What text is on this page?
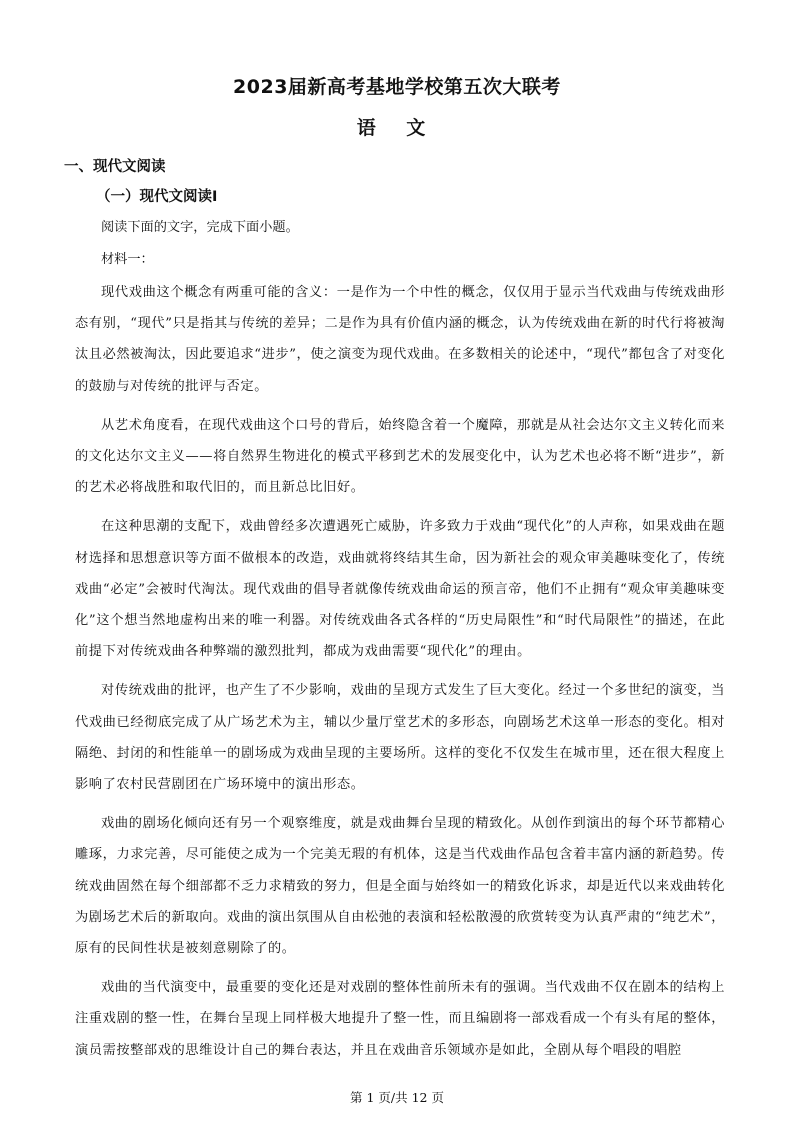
2023届新高考基地学校第五次大联考
语 文
一、现代文阅读
（一）现代文阅读Ⅰ

阅读下面的文字，完成下面小题。

材料一：

现代戏曲这个概念有两重可能的含义：一是作为一个中性的概念，仅仅用于显示当代戏曲与传统戏曲形态有别，“现代”只是指其与传统的差异；二是作为具有价值内涵的概念，认为传统戏曲在新的时代行将被淘汰且必然被淘汰，因此要追求“进步”，使之演变为现代戏曲。在多数相关的论述中，“现代”都包含了对变化的鼓励与对传统的批评与否定。

从艺术角度看，在现代戏曲这个口号的背后，始终隐含着一个魔障，那就是从社会达尔文主义转化而来的文化达尔文主义——将自然界生物进化的模式平移到艺术的发展变化中，认为艺术也必将不断“进步”，新的艺术必将战胜和取代旧的，而且新总比旧好。

在这种思潮的支配下，戏曲曾经多次遭遇死亡威胁，许多致力于戏曲“现代化”的人声称，如果戏曲在题材选择和思想意识等方面不做根本的改造，戏曲就将终结其生命，因为新社会的观众审美趣味变化了，传统戏曲“必定”会被时代淘汰。现代戏曲的倡导者就像传统戏曲命运的预言帝，他们不止拥有“观众审美趣味变化”这个想当然地虚构出来的唯一利器。对传统戏曲各式各样的“历史局限性”和“时代局限性”的描述，在此前提下对传统戏曲各种弊端的激烈批判，都成为戏曲需要“现代化”的理由。

对传统戏曲的批评，也产生了不少影响，戏曲的呈现方式发生了巨大变化。经过一个多世纪的演变，当代戏曲已经彻底完成了从广场艺术为主，辅以少量厅堂艺术的多形态，向剧场艺术这单一形态的变化。相对隔绝、封闭的和性能单一的剧场成为戏曲呈现的主要场所。这样的变化不仅发生在城市里，还在很大程度上影响了农村民营剧团在广场环境中的演出形态。

戏曲的剧场化倾向还有另一个观察维度，就是戏曲舞台呈现的精致化。从创作到演出的每个环节都精心雕琢，力求完善，尽可能使之成为一个完美无瑕的有机体，这是当代戏曲作品包含着丰富内涵的新趋势。传统戏曲固然在每个细部都不乏力求精致的努力，但是全面与始终如一的精致化诉求，却是近代以来戏曲转化为剧场艺术后的新取向。戏曲的演出氛围从自由松弛的表演和轻松散漫的欣赏转变为认真严肃的“纯艺术”，原有的民间性状是被刻意剔除了的。

戏曲的当代演变中，最重要的变化还是对戏剧的整体性前所未有的强调。当代戏曲不仅在剧本的结构上注重戏剧的整一性，在舞台呈现上同样极大地提升了整一性，而且编剧将一部戏看成一个有头有尾的整体，演员需按整部戏的思维设计自己的舞台表达，并且在戏曲音乐领域亦是如此，全剧从每个唱段的唱腔

第 1 页/共 12 页
